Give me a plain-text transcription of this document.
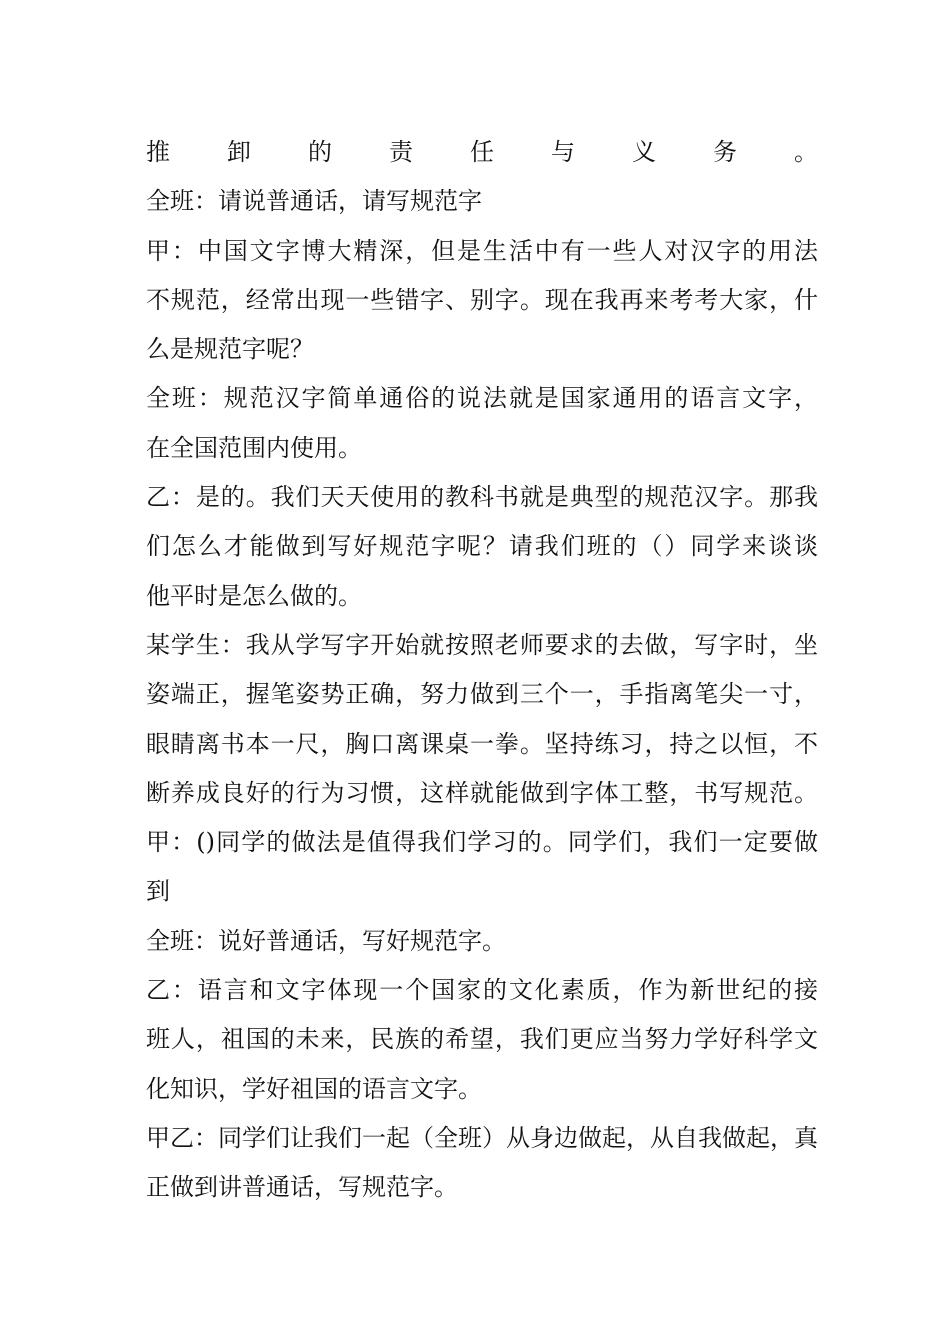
推卸的责任与义务。
全班：请说普通话，请写规范字
甲：中国文字博大精深，但是生活中有一些人对汉字的用法
不规范，经常出现一些错字、别字。现在我再来考考大家，什
么是规范字呢？
全班：规范汉字简单通俗的说法就是国家通用的语言文字，
在全国范围内使用。
乙：是的。我们天天使用的教科书就是典型的规范汉字。那我
们怎么才能做到写好规范字呢？请我们班的（）同学来谈谈
他平时是怎么做的。
某学生：我从学写字开始就按照老师要求的去做，写字时，坐
姿端正，握笔姿势正确，努力做到三个一，手指离笔尖一寸，
眼睛离书本一尺，胸口离课桌一拳。坚持练习，持之以恒，不
断养成良好的行为习惯，这样就能做到字体工整，书写规范。
甲：()同学的做法是值得我们学习的。同学们，我们一定要做
到
全班：说好普通话，写好规范字。
乙：语言和文字体现一个国家的文化素质，作为新世纪的接
班人，祖国的未来，民族的希望，我们更应当努力学好科学文
化知识，学好祖国的语言文字。
甲乙：同学们让我们一起（全班）从身边做起，从自我做起，真
正做到讲普通话，写规范字。
